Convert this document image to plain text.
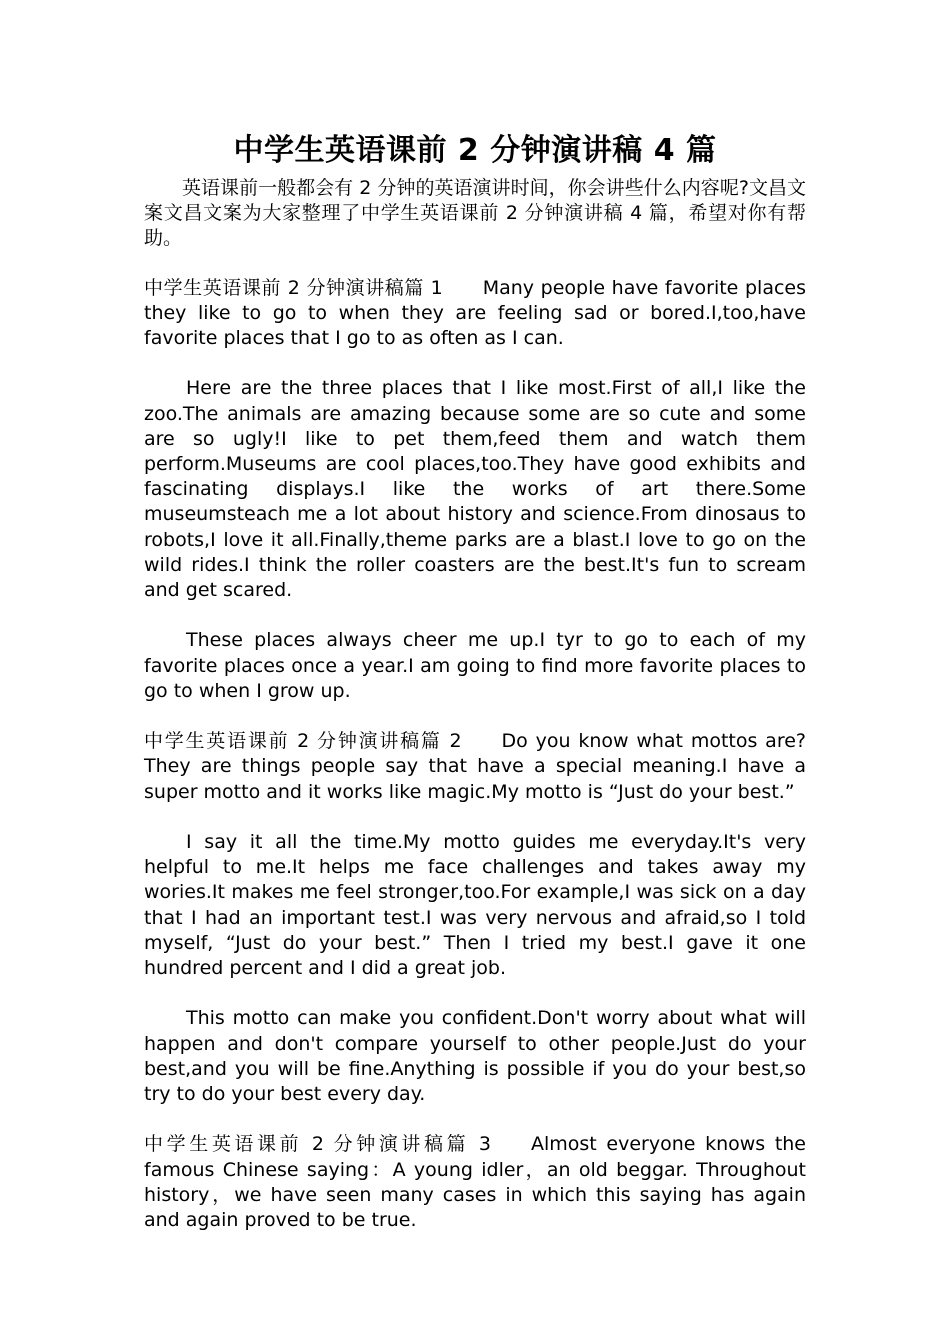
中学生英语课前 2 分钟演讲稿 4 篇

英语课前一般都会有 2 分钟的英语演讲时间，你会讲些什么内容呢?文昌文案文昌文案为大家整理了中学生英语课前 2 分钟演讲稿 4 篇，希望对你有帮助。

中学生英语课前 2 分钟演讲稿篇 1 Many people have favorite places they like to go to when they are feeling sad or bored.I,too,have favorite places that I go to as often as I can.

Here are the three places that I like most.First of all,I like the zoo.The animals are amazing because some are so cute and some are so ugly!I like to pet them,feed them and watch them perform.Museums are cool places,too.They have good exhibits and fascinating displays.I like the works of art there.Some museumsteach me a lot about history and science.From dinosaus to robots,I love it all.Finally,theme parks are a blast.I love to go on the wild rides.I think the roller coasters are the best.It's fun to scream and get scared.

These places always cheer me up.I tyr to go to each of my favorite places once a year.I am going to find more favorite places to go to when I grow up.

中学生英语课前 2 分钟演讲稿篇 2 Do you know what mottos are?They are things people say that have a special meaning.I have a super motto and it works like magic.My motto is “Just do your best.”

I say it all the time.My motto guides me everyday.It's very helpful to me.It helps me face challenges and takes away my wories.It makes me feel stronger,too.For example,I was sick on a day that I had an important test.I was very nervous and afraid,so I told myself, “Just do your best.” Then I tried my best.I gave it one hundred percent and I did a great job.

This motto can make you confident.Don't worry about what will happen and don't compare yourself to other people.Just do your best,and you will be fine.Anything is possible if you do your best,so try to do your best every day.

中学生英语课前 2 分钟演讲稿篇 3 Almost everyone knows the famous Chinese saying：A young idler，an old beggar. Throughout history，we have seen many cases in which this saying has again and again proved to be true.
